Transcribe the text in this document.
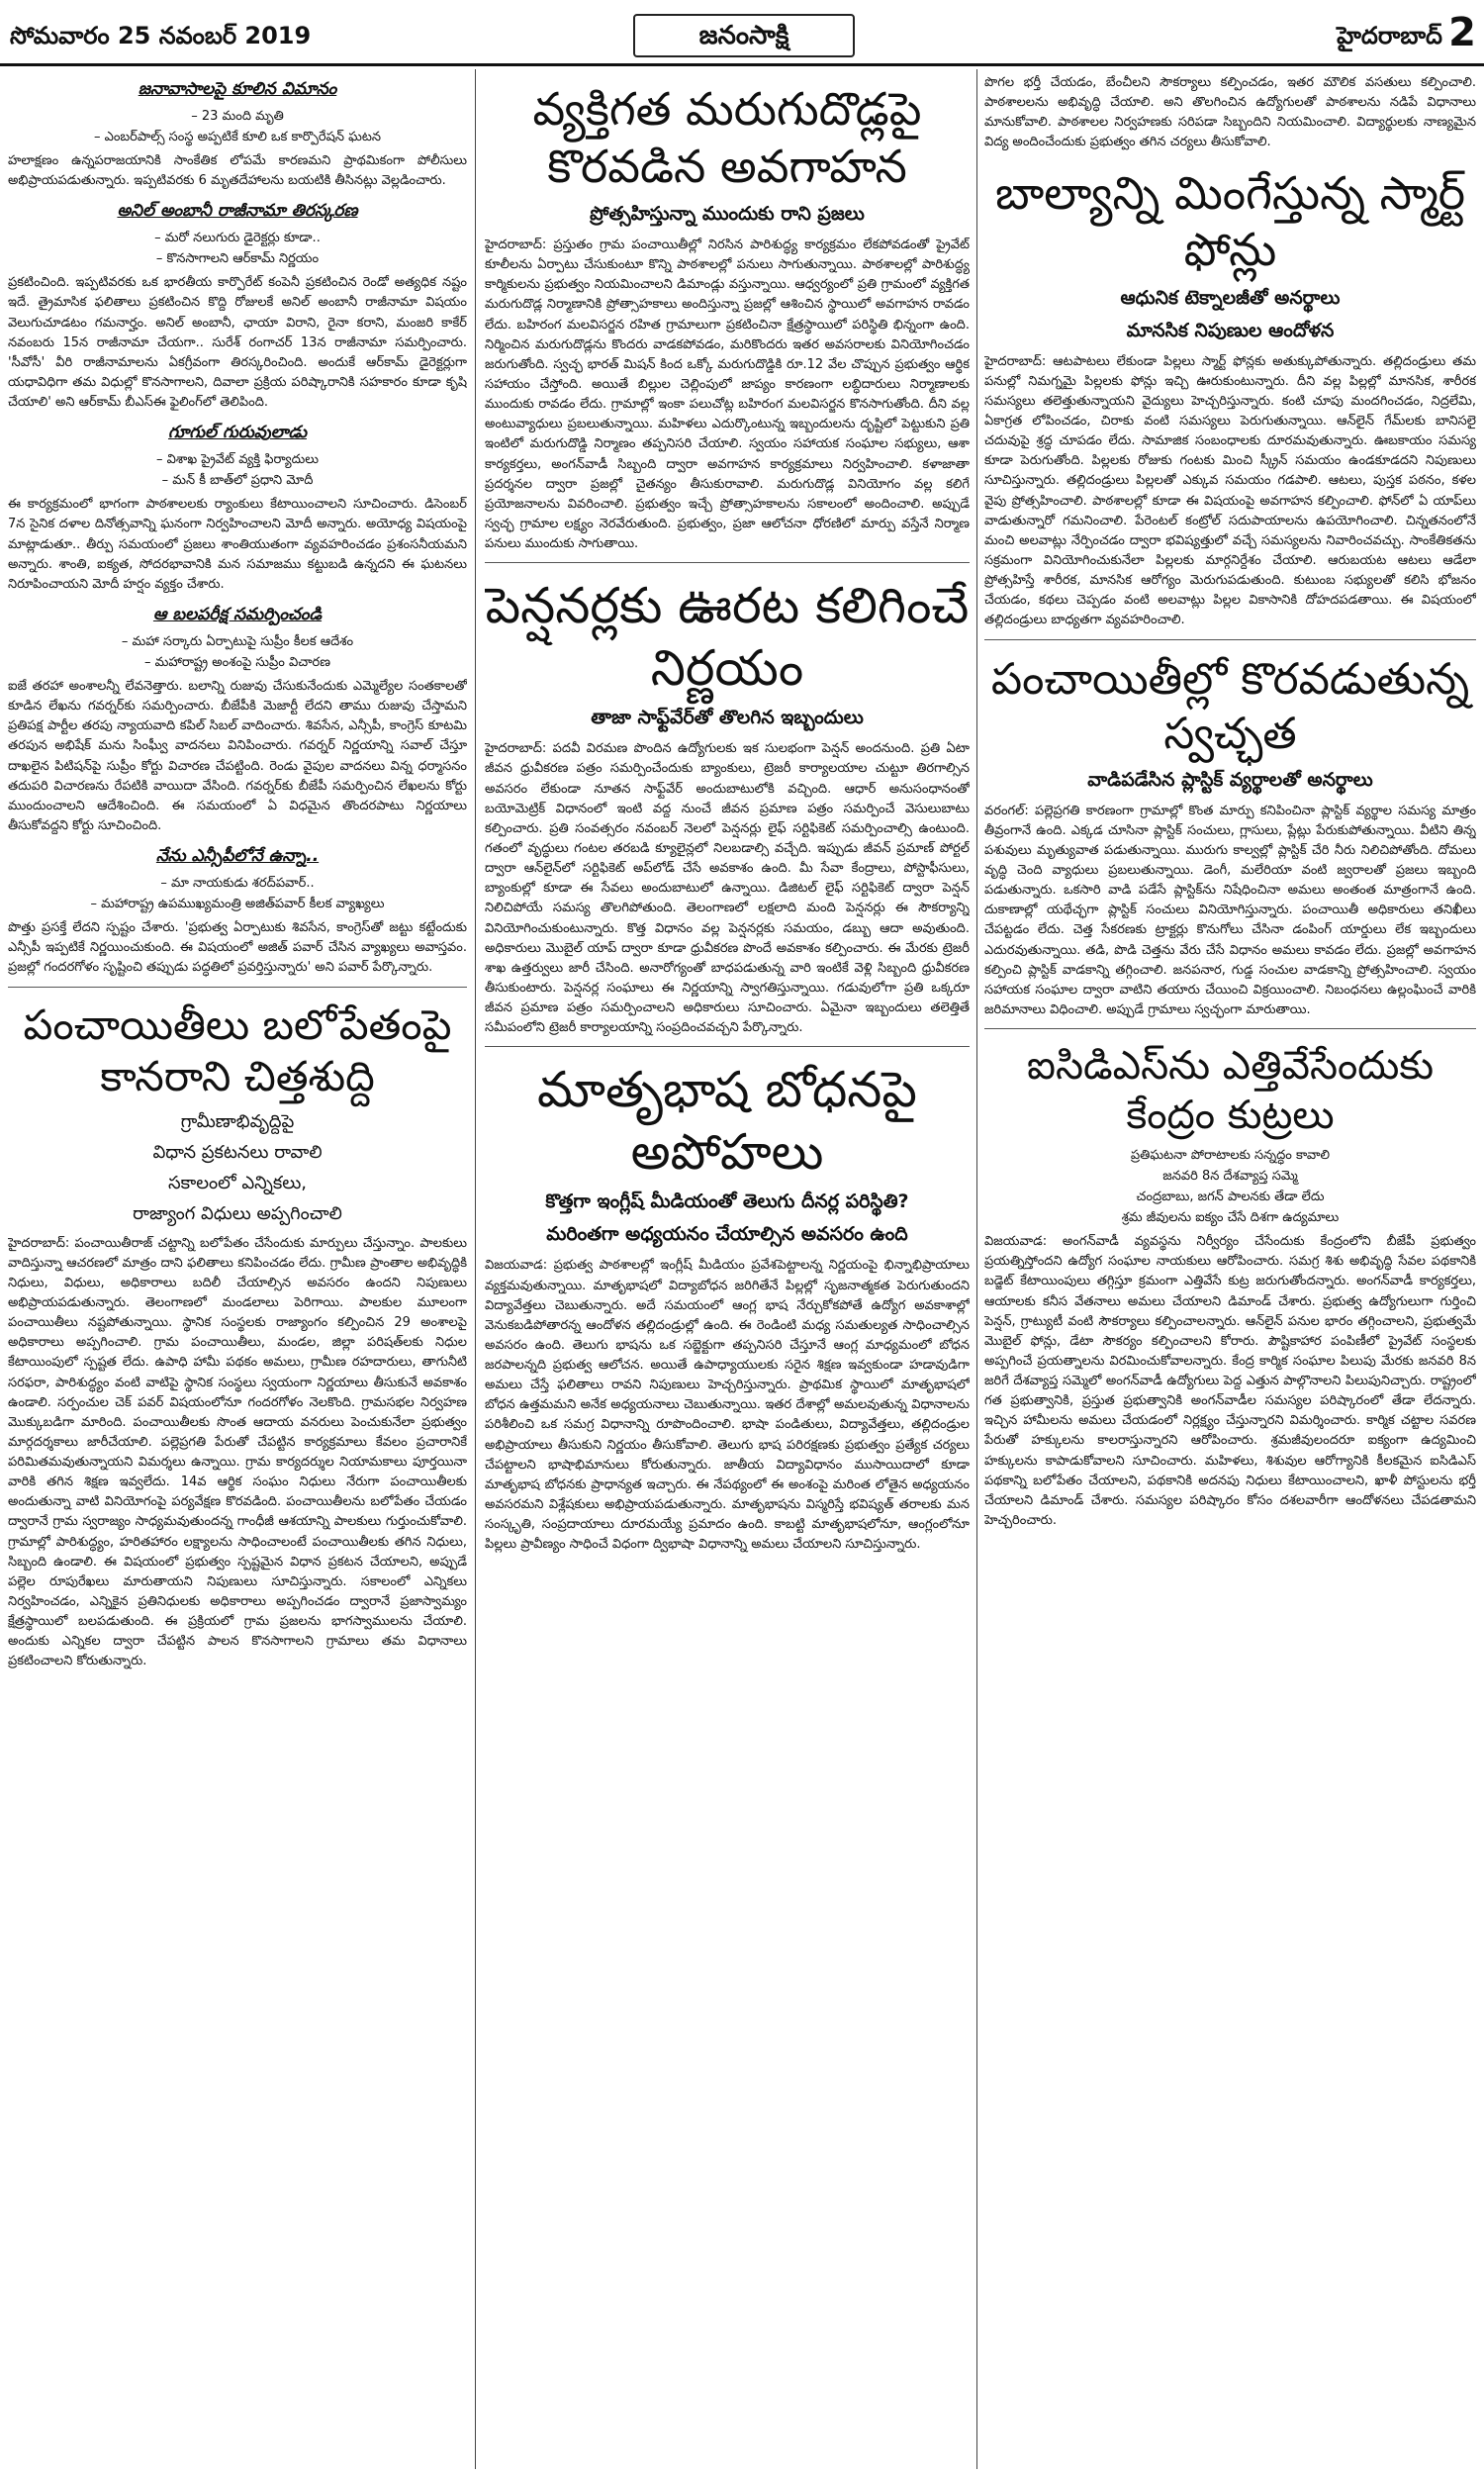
సోమవారం 25 నవంబర్ 2019	జనంసాక్షి	హైదరాబాద్ 2
జనావాసాలపై కూలిన విమానం
– 23 మంది మృతి
– ఎంబర్‌పాల్స్ సంస్థ అప్పటికే కూలి ఒక కార్పొరేషన్ ఘటన

హలాక్షణం ఉన్నపరాజయానికి సాంకేతిక లోపమే కారణమని ప్రాథమికంగా పోలీసులు అభిప్రాయపడుతున్నారు. ఇప్పటివరకు 6 మృతదేహాలను బయటికి తీసినట్లు వెల్లడించారు.

అనిల్ అంబానీ రాజీనామా తిరస్కరణ
– మరో నలుగురు డైరెక్టర్లు కూడా..
– కొనసాగాలని ఆర్‌కామ్ నిర్ణయం

ప్రకటించింది. ఇప్పటివరకు ఒక భారతీయ కార్పొరేట్ కంపెనీ ప్రకటించిన రెండో అత్యధిక నష్టం ఇదే. త్రైమాసిక ఫలితాలు ప్రకటించిన కొద్ది రోజులకే అనిల్ అంబానీ రాజీనామా విషయం వెలుగుచూడటం గమనార్హం. అనిల్ అంబానీ, ఛాయా విరాని, రైనా కరాని, మంజరి కాకేర్ నవంబరు 15న రాజీనామా చేయగా.. సురేశ్ రంగాచర్ 13న రాజీనామా సమర్పించారు. 'సీవోసీ' వీరి రాజీనామాలను ఏకగ్రీవంగా తిరస్కరించింది. అందుకే ఆర్‌కామ్ డైరెక్టర్లుగా యధావిధిగా తమ విధుల్లో కొనసాగాలని, దివాలా ప్రక్రియ పరిష్కారానికి సహకారం కూడా కృషి చేయాలి' అని ఆర్‌కామ్ బీఎస్‌ఈ ఫైలింగ్‌లో తెలిపింది.

గూగుల్ గురువులాడు
– విశాఖ ప్రైవేట్ వ్యక్తి ఫిర్యాదులు
– మన్ కీ బాత్‌లో ప్రధాని మోదీ

ఈ కార్యక్రమంలో భాగంగా పాఠశాలలకు ర్యాంకులు కేటాయించాలని సూచించారు. డిసెంబర్ 7న సైనిక దళాల దినోత్సవాన్ని ఘనంగా నిర్వహించాలని మోదీ అన్నారు. అయోధ్య విషయంపై మాట్లాడుతూ.. తీర్పు సమయంలో ప్రజలు శాంతియుతంగా వ్యవహరించడం ప్రశంసనీయమని అన్నారు. శాంతి, ఐక్యత, సోదరభావానికి మన సమాజము కట్టుబడి ఉన్నదని ఈ ఘటనలు నిరూపించాయని మోదీ హర్షం వ్యక్తం చేశారు.

ఆ బలపరీక్ష సమర్పించండి
– మహా సర్కారు ఏర్పాటుపై సుప్రీం కీలక ఆదేశం
– మహారాష్ట్ర అంశంపై సుప్రీం విచారణ

ఐజే తరహా అంశాలన్నీ లేవనెత్తారు. బలాన్ని రుజువు చేసుకునేందుకు ఎమ్మెల్యేల సంతకాలతో కూడిన లేఖను గవర్నర్‌కు సమర్పించారు. బీజేపీకి మెజార్టీ లేదని తాము రుజువు చేస్తామని ప్రతిపక్ష పార్టీల తరపు న్యాయవాది కపిల్ సిబల్ వాదించారు. శివసేన, ఎన్సీపీ, కాంగ్రెస్ కూటమి తరపున అభిషేక్ మను సింఘ్వీ వాదనలు వినిపించారు. గవర్నర్ నిర్ణయాన్ని సవాల్ చేస్తూ దాఖలైన పిటిషన్‌పై సుప్రీం కోర్టు విచారణ చేపట్టింది. రెండు వైపుల వాదనలు విన్న ధర్మాసనం తదుపరి విచారణను రేపటికి వాయిదా వేసింది. గవర్నర్‌కు బీజేపీ సమర్పించిన లేఖలను కోర్టు ముందుంచాలని ఆదేశించింది. ఈ సమయంలో ఏ విధమైన తొందరపాటు నిర్ణయాలు తీసుకోవద్దని కోర్టు సూచించింది.

నేను ఎన్సీపీలోనే ఉన్నా..
– మా నాయకుడు శరద్‌పవార్..
– మహారాష్ట్ర ఉపముఖ్యమంత్రి అజిత్‌పవార్ కీలక వ్యాఖ్యలు

పొత్తు ప్రసక్తే లేదని స్పష్టం చేశారు. 'ప్రభుత్వ ఏర్పాటుకు శివసేన, కాంగ్రెస్‌తో జట్టు కట్టేందుకు ఎన్సీపీ ఇప్పటికే నిర్ణయించుకుంది. ఈ విషయంలో అజిత్ పవార్ చేసిన వ్యాఖ్యలు అవాస్తవం. ప్రజల్లో గందరగోళం సృష్టించి తప్పుడు పద్ధతిలో ప్రవర్తిస్తున్నారు' అని పవార్ పేర్కొన్నారు.

పంచాయితీలు బలోపేతంపై కానరాని చిత్తశుద్ది
గ్రామీణాభివృద్దిపై
విధాన ప్రకటనలు రావాలి
సకాలంలో ఎన్నికలు,
రాజ్యాంగ విధులు అప్పగించాలి

హైదరాబాద్: పంచాయితీరాజ్ చట్టాన్ని బలోపేతం చేసేందుకు మార్పులు చేస్తున్నాం. పాలకులు వాదిస్తున్నా ఆచరణలో మాత్రం దాని ఫలితాలు కనిపించడం లేదు. గ్రామీణ ప్రాంతాల అభివృద్ధికి నిధులు, విధులు, అధికారాలు బదిలీ చేయాల్సిన అవసరం ఉందని నిపుణులు అభిప్రాయపడుతున్నారు. తెలంగాణలో మండలాలు పెరిగాయి. పాలకుల మూలంగా పంచాయితీలు నష్టపోతున్నాయి. స్థానిక సంస్థలకు రాజ్యాంగం కల్పించిన 29 అంశాలపై అధికారాలు అప్పగించాలి. గ్రామ పంచాయితీలు, మండల, జిల్లా పరిషత్‌లకు నిధుల కేటాయింపులో స్పష్టత లేదు. ఉపాధి హామీ పథకం అమలు, గ్రామీణ రహదారులు, తాగునీటి సరఫరా, పారిశుద్ధ్యం వంటి వాటిపై స్థానిక సంస్థలు స్వయంగా నిర్ణయాలు తీసుకునే అవకాశం ఉండాలి. సర్పంచుల చెక్ పవర్ విషయంలోనూ గందరగోళం నెలకొంది. గ్రామసభల నిర్వహణ మొక్కుబడిగా మారింది. పంచాయితీలకు సొంత ఆదాయ వనరులు పెంచుకునేలా ప్రభుత్వం మార్గదర్శకాలు జారీచేయాలి. పల్లెప్రగతి పేరుతో చేపట్టిన కార్యక్రమాలు కేవలం ప్రచారానికే పరిమితమవుతున్నాయని విమర్శలు ఉన్నాయి. గ్రామ కార్యదర్శుల నియామకాలు పూర్తయినా వారికి తగిన శిక్షణ ఇవ్వలేదు. 14వ ఆర్థిక సంఘం నిధులు నేరుగా పంచాయితీలకు అందుతున్నా వాటి వినియోగంపై పర్యవేక్షణ కొరవడింది. పంచాయితీలను బలోపేతం చేయడం ద్వారానే గ్రామ స్వరాజ్యం సాధ్యమవుతుందన్న గాంధీజీ ఆశయాన్ని పాలకులు గుర్తుంచుకోవాలి. గ్రామాల్లో పారిశుద్ధ్యం, హరితహారం లక్ష్యాలను సాధించాలంటే పంచాయితీలకు తగిన నిధులు, సిబ్బంది ఉండాలి. ఈ విషయంలో ప్రభుత్వం స్పష్టమైన విధాన ప్రకటన చేయాలని, అప్పుడే పల్లెల రూపురేఖలు మారుతాయని నిపుణులు సూచిస్తున్నారు. సకాలంలో ఎన్నికలు నిర్వహించడం, ఎన్నికైన ప్రతినిధులకు అధికారాలు అప్పగించడం ద్వారానే ప్రజాస్వామ్యం క్షేత్రస్థాయిలో బలపడుతుంది. ఈ ప్రక్రియలో గ్రామ ప్రజలను భాగస్వాములను చేయాలి. అందుకు ఎన్నికల ద్వారా చేపట్టిన పాలన కొనసాగాలని గ్రామాలు తమ విధానాలు ప్రకటించాలని కోరుతున్నారు.

వ్యక్తిగత మరుగుదొడ్లపై కొరవడిన అవగాహన
ప్రోత్సహిస్తున్నా ముందుకు రాని ప్రజలు

హైదరాబాద్: ప్రస్తుతం గ్రామ పంచాయితీల్లో నిరసిన పారిశుద్ధ్య కార్యక్రమం లేకపోవడంతో ప్రైవేట్ కూలీలను ఏర్పాటు చేసుకుంటూ కొన్ని పాఠశాలల్లో పనులు సాగుతున్నాయి. పాఠశాలల్లో పారిశుద్ధ్య కార్మికులను ప్రభుత్వం నియమించాలని డిమాండ్లు వస్తున్నాయి. ఆధ్వర్యంలో ప్రతి గ్రామంలో వ్యక్తిగత మరుగుదొడ్ల నిర్మాణానికి ప్రోత్సాహకాలు అందిస్తున్నా ప్రజల్లో ఆశించిన స్థాయిలో అవగాహన రావడం లేదు. బహిరంగ మలవిసర్జన రహిత గ్రామాలుగా ప్రకటించినా క్షేత్రస్థాయిలో పరిస్థితి భిన్నంగా ఉంది. నిర్మించిన మరుగుదొడ్లను కొందరు వాడకపోవడం, మరికొందరు ఇతర అవసరాలకు వినియోగించడం జరుగుతోంది. స్వచ్ఛ భారత్ మిషన్ కింద ఒక్కో మరుగుదొడ్డికి రూ.12 వేల చొప్పున ప్రభుత్వం ఆర్థిక సహాయం చేస్తోంది. అయితే బిల్లుల చెల్లింపులో జాప్యం కారణంగా లబ్ధిదారులు నిర్మాణాలకు ముందుకు రావడం లేదు. గ్రామాల్లో ఇంకా పలుచోట్ల బహిరంగ మలవిసర్జన కొనసాగుతోంది. దీని వల్ల అంటువ్యాధులు ప్రబలుతున్నాయి. మహిళలు ఎదుర్కొంటున్న ఇబ్బందులను దృష్టిలో పెట్టుకుని ప్రతి ఇంటిలో మరుగుదొడ్డి నిర్మాణం తప్పనిసరి చేయాలి. స్వయం సహాయక సంఘాల సభ్యులు, ఆశా కార్యకర్తలు, అంగన్‌వాడీ సిబ్బంది ద్వారా అవగాహన కార్యక్రమాలు నిర్వహించాలి. కళాజాతా ప్రదర్శనల ద్వారా ప్రజల్లో చైతన్యం తీసుకురావాలి. మరుగుదొడ్ల వినియోగం వల్ల కలిగే ప్రయోజనాలను వివరించాలి. ప్రభుత్వం ఇచ్చే ప్రోత్సాహకాలను సకాలంలో అందించాలి. అప్పుడే స్వచ్ఛ గ్రామాల లక్ష్యం నెరవేరుతుంది. ప్రభుత్వం, ప్రజా ఆలోచనా ధోరణిలో మార్పు వస్తేనే నిర్మాణ పనులు ముందుకు సాగుతాయి.

పెన్షనర్లకు ఊరట కలిగించే నిర్ణయం
తాజా సాఫ్ట్‌వేర్‌తో తొలగిన ఇబ్బందులు

హైదరాబాద్: పదవీ విరమణ పొందిన ఉద్యోగులకు ఇక సులభంగా పెన్షన్ అందనుంది. ప్రతి ఏటా జీవన ధ్రువీకరణ పత్రం సమర్పించేందుకు బ్యాంకులు, ట్రెజరీ కార్యాలయాల చుట్టూ తిరగాల్సిన అవసరం లేకుండా నూతన సాఫ్ట్‌వేర్ అందుబాటులోకి వచ్చింది. ఆధార్ అనుసంధానంతో బయోమెట్రిక్ విధానంలో ఇంటి వద్ద నుంచే జీవన ప్రమాణ పత్రం సమర్పించే వెసులుబాటు కల్పించారు. ప్రతి సంవత్సరం నవంబర్ నెలలో పెన్షనర్లు లైఫ్ సర్టిఫికెట్ సమర్పించాల్సి ఉంటుంది. గతంలో వృద్ధులు గంటల తరబడి క్యూలైన్లలో నిలబడాల్సి వచ్చేది. ఇప్పుడు జీవన్ ప్రమాణ్ పోర్టల్ ద్వారా ఆన్‌లైన్‌లో సర్టిఫికెట్ అప్‌లోడ్ చేసే అవకాశం ఉంది. మీ సేవా కేంద్రాలు, పోస్టాఫీసులు, బ్యాంకుల్లో కూడా ఈ సేవలు అందుబాటులో ఉన్నాయి. డిజిటల్ లైఫ్ సర్టిఫికెట్ ద్వారా పెన్షన్ నిలిచిపోయే సమస్య తొలగిపోతుంది. తెలంగాణలో లక్షలాది మంది పెన్షనర్లు ఈ సౌకర్యాన్ని వినియోగించుకుంటున్నారు. కొత్త విధానం వల్ల పెన్షనర్లకు సమయం, డబ్బు ఆదా అవుతుంది. అధికారులు మొబైల్ యాప్ ద్వారా కూడా ధ్రువీకరణ పొందే అవకాశం కల్పించారు. ఈ మేరకు ట్రెజరీ శాఖ ఉత్తర్వులు జారీ చేసింది. అనారోగ్యంతో బాధపడుతున్న వారి ఇంటికే వెళ్లి సిబ్బంది ధ్రువీకరణ తీసుకుంటారు. పెన్షనర్ల సంఘాలు ఈ నిర్ణయాన్ని స్వాగతిస్తున్నాయి. గడువులోగా ప్రతి ఒక్కరూ జీవన ప్రమాణ పత్రం సమర్పించాలని అధికారులు సూచించారు. ఏమైనా ఇబ్బందులు తలెత్తితే సమీపంలోని ట్రెజరీ కార్యాలయాన్ని సంప్రదించవచ్చని పేర్కొన్నారు.

మాతృభాష బోధనపై అపోహలు
కొత్తగా ఇంగ్లీష్ మీడియంతో తెలుగు దీనర్ల పరిస్థితి?
మరింతగా అధ్యయనం చేయాల్సిన అవసరం ఉంది

విజయవాడ: ప్రభుత్వ పాఠశాలల్లో ఇంగ్లీష్ మీడియం ప్రవేశపెట్టాలన్న నిర్ణయంపై భిన్నాభిప్రాయాలు వ్యక్తమవుతున్నాయి. మాతృభాషలో విద్యాబోధన జరిగితేనే పిల్లల్లో సృజనాత్మకత పెరుగుతుందని విద్యావేత్తలు చెబుతున్నారు. అదే సమయంలో ఆంగ్ల భాష నేర్చుకోకపోతే ఉద్యోగ అవకాశాల్లో వెనుకబడిపోతారన్న ఆందోళన తల్లిదండ్రుల్లో ఉంది. ఈ రెండింటి మధ్య సమతుల్యత సాధించాల్సిన అవసరం ఉంది. తెలుగు భాషను ఒక సబ్జెక్టుగా తప్పనిసరి చేస్తూనే ఆంగ్ల మాధ్యమంలో బోధన జరపాలన్నది ప్రభుత్వ ఆలోచన. అయితే ఉపాధ్యాయులకు సరైన శిక్షణ ఇవ్వకుండా హడావుడిగా అమలు చేస్తే ఫలితాలు రావని నిపుణులు హెచ్చరిస్తున్నారు. ప్రాథమిక స్థాయిలో మాతృభాషలో బోధన ఉత్తమమని అనేక అధ్యయనాలు చెబుతున్నాయి. ఇతర దేశాల్లో అమలవుతున్న విధానాలను పరిశీలించి ఒక సమగ్ర విధానాన్ని రూపొందించాలి. భాషా పండితులు, విద్యావేత్తలు, తల్లిదండ్రుల అభిప్రాయాలు తీసుకుని నిర్ణయం తీసుకోవాలి. తెలుగు భాష పరిరక్షణకు ప్రభుత్వం ప్రత్యేక చర్యలు చేపట్టాలని భాషాభిమానులు కోరుతున్నారు. జాతీయ విద్యావిధానం ముసాయిదాలో కూడా మాతృభాష బోధనకు ప్రాధాన్యత ఇచ్చారు. ఈ నేపథ్యంలో ఈ అంశంపై మరింత లోతైన అధ్యయనం అవసరమని విశ్లేషకులు అభిప్రాయపడుతున్నారు. మాతృభాషను విస్మరిస్తే భవిష్యత్ తరాలకు మన సంస్కృతి, సంప్రదాయాలు దూరమయ్యే ప్రమాదం ఉంది. కాబట్టి మాతృభాషలోనూ, ఆంగ్లంలోనూ పిల్లలు ప్రావీణ్యం సాధించే విధంగా ద్విభాషా విధానాన్ని అమలు చేయాలని సూచిస్తున్నారు.

పొగల భర్తీ చేయడం, బేంచీలని సౌకర్యాలు కల్పించడం, ఇతర మౌలిక వసతులు కల్పించాలి. పాఠశాలలను అభివృద్ధి చేయాలి. అని తొలగించిన ఉద్యోగులతో పాఠశాలను నడిపే విధానాలు మానుకోవాలి. పాఠశాలల నిర్వహణకు సరిపడా సిబ్బందిని నియమించాలి. విద్యార్థులకు నాణ్యమైన విద్య అందించేందుకు ప్రభుత్వం తగిన చర్యలు తీసుకోవాలి.

బాల్యాన్ని మింగేస్తున్న స్మార్ట్ ఫోన్లు
ఆధునిక టెక్నాలజీతో అనర్థాలు
మానసిక నిపుణుల ఆందోళన

హైదరాబాద్: ఆటపాటలు లేకుండా పిల్లలు స్మార్ట్ ఫోన్లకు అతుక్కుపోతున్నారు. తల్లిదండ్రులు తమ పనుల్లో నిమగ్నమై పిల్లలకు ఫోన్లు ఇచ్చి ఊరుకుంటున్నారు. దీని వల్ల పిల్లల్లో మానసిక, శారీరక సమస్యలు తలెత్తుతున్నాయని వైద్యులు హెచ్చరిస్తున్నారు. కంటి చూపు మందగించడం, నిద్రలేమి, ఏకాగ్రత లోపించడం, చిరాకు వంటి సమస్యలు పెరుగుతున్నాయి. ఆన్‌లైన్ గేమ్‌లకు బానిసలై చదువుపై శ్రద్ధ చూపడం లేదు. సామాజిక సంబంధాలకు దూరమవుతున్నారు. ఊబకాయం సమస్య కూడా పెరుగుతోంది. పిల్లలకు రోజుకు గంటకు మించి స్క్రీన్ సమయం ఉండకూడదని నిపుణులు సూచిస్తున్నారు. తల్లిదండ్రులు పిల్లలతో ఎక్కువ సమయం గడపాలి. ఆటలు, పుస్తక పఠనం, కళల వైపు ప్రోత్సహించాలి. పాఠశాలల్లో కూడా ఈ విషయంపై అవగాహన కల్పించాలి. ఫోన్‌లో ఏ యాప్‌లు వాడుతున్నారో గమనించాలి. పేరెంటల్ కంట్రోల్ సదుపాయాలను ఉపయోగించాలి. చిన్నతనంలోనే మంచి అలవాట్లు నేర్పించడం ద్వారా భవిష్యత్తులో వచ్చే సమస్యలను నివారించవచ్చు. సాంకేతికతను సక్రమంగా వినియోగించుకునేలా పిల్లలకు మార్గనిర్దేశం చేయాలి. ఆరుబయట ఆటలు ఆడేలా ప్రోత్సహిస్తే శారీరక, మానసిక ఆరోగ్యం మెరుగుపడుతుంది. కుటుంబ సభ్యులతో కలిసి భోజనం చేయడం, కథలు చెప్పడం వంటి అలవాట్లు పిల్లల వికాసానికి దోహదపడతాయి. ఈ విషయంలో తల్లిదండ్రులు బాధ్యతగా వ్యవహరించాలి.

పంచాయితీల్లో కొరవడుతున్న స్వచ్ఛత
వాడిపడేసిన ప్లాస్టిక్ వ్యర్థాలతో అనర్థాలు

వరంగల్: పల్లెప్రగతి కారణంగా గ్రామాల్లో కొంత మార్పు కనిపించినా ప్లాస్టిక్ వ్యర్థాల సమస్య మాత్రం తీవ్రంగానే ఉంది. ఎక్కడ చూసినా ప్లాస్టిక్ సంచులు, గ్లాసులు, ప్లేట్లు పేరుకుపోతున్నాయి. వీటిని తిన్న పశువులు మృత్యువాత పడుతున్నాయి. మురుగు కాల్వల్లో ప్లాస్టిక్ చేరి నీరు నిలిచిపోతోంది. దోమలు వృద్ధి చెంది వ్యాధులు ప్రబలుతున్నాయి. డెంగీ, మలేరియా వంటి జ్వరాలతో ప్రజలు ఇబ్బంది పడుతున్నారు. ఒకసారి వాడి పడేసే ప్లాస్టిక్‌ను నిషేధించినా అమలు అంతంత మాత్రంగానే ఉంది. దుకాణాల్లో యథేచ్ఛగా ప్లాస్టిక్ సంచులు వినియోగిస్తున్నారు. పంచాయితీ అధికారులు తనిఖీలు చేపట్టడం లేదు. చెత్త సేకరణకు ట్రాక్టర్లు కొనుగోలు చేసినా డంపింగ్ యార్డులు లేక ఇబ్బందులు ఎదురవుతున్నాయి. తడి, పొడి చెత్తను వేరు చేసే విధానం అమలు కావడం లేదు. ప్రజల్లో అవగాహన కల్పించి ప్లాస్టిక్ వాడకాన్ని తగ్గించాలి. జనపనార, గుడ్డ సంచుల వాడకాన్ని ప్రోత్సహించాలి. స్వయం సహాయక సంఘాల ద్వారా వాటిని తయారు చేయించి విక్రయించాలి. నిబంధనలు ఉల్లంఘించే వారికి జరిమానాలు విధించాలి. అప్పుడే గ్రామాలు స్వచ్ఛంగా మారుతాయి.

ఐసిడిఎస్‌ను ఎత్తివేసేందుకు కేంద్రం కుట్రలు
ప్రతిఘటనా పోరాటాలకు సన్నద్ధం కావాలి
జనవరి 8న దేశవ్యాప్త సమ్మె
చంద్రబాబు, జగన్ పాలనకు తేడా లేదు
శ్రమ జీవులను ఐక్యం చేసే దిశగా ఉద్యమాలు

విజయవాడ: అంగన్‌వాడీ వ్యవస్థను నిర్వీర్యం చేసేందుకు కేంద్రంలోని బీజేపీ ప్రభుత్వం ప్రయత్నిస్తోందని ఉద్యోగ సంఘాల నాయకులు ఆరోపించారు. సమగ్ర శిశు అభివృద్ధి సేవల పథకానికి బడ్జెట్ కేటాయింపులు తగ్గిస్తూ క్రమంగా ఎత్తివేసే కుట్ర జరుగుతోందన్నారు. అంగన్‌వాడీ కార్యకర్తలు, ఆయాలకు కనీస వేతనాలు అమలు చేయాలని డిమాండ్ చేశారు. ప్రభుత్వ ఉద్యోగులుగా గుర్తించి పెన్షన్, గ్రాట్యుటీ వంటి సౌకర్యాలు కల్పించాలన్నారు. ఆన్‌లైన్ పనుల భారం తగ్గించాలని, ప్రభుత్వమే మొబైల్ ఫోన్లు, డేటా సౌకర్యం కల్పించాలని కోరారు. పౌష్టికాహార పంపిణీలో ప్రైవేట్ సంస్థలకు అప్పగించే ప్రయత్నాలను విరమించుకోవాలన్నారు. కేంద్ర కార్మిక సంఘాల పిలుపు మేరకు జనవరి 8న జరిగే దేశవ్యాప్త సమ్మెలో అంగన్‌వాడీ ఉద్యోగులు పెద్ద ఎత్తున పాల్గొనాలని పిలుపునిచ్చారు. రాష్ట్రంలో గత ప్రభుత్వానికి, ప్రస్తుత ప్రభుత్వానికి అంగన్‌వాడీల సమస్యల పరిష్కారంలో తేడా లేదన్నారు. ఇచ్చిన హామీలను అమలు చేయడంలో నిర్లక్ష్యం చేస్తున్నారని విమర్శించారు. కార్మిక చట్టాల సవరణ పేరుతో హక్కులను కాలరాస్తున్నారని ఆరోపించారు. శ్రమజీవులందరూ ఐక్యంగా ఉద్యమించి హక్కులను కాపాడుకోవాలని సూచించారు. మహిళలు, శిశువుల ఆరోగ్యానికి కీలకమైన ఐసిడిఎస్ పథకాన్ని బలోపేతం చేయాలని, పథకానికి అదనపు నిధులు కేటాయించాలని, ఖాళీ పోస్టులను భర్తీ చేయాలని డిమాండ్ చేశారు. సమస్యల పరిష్కారం కోసం దశలవారీగా ఆందోళనలు చేపడతామని హెచ్చరించారు.
